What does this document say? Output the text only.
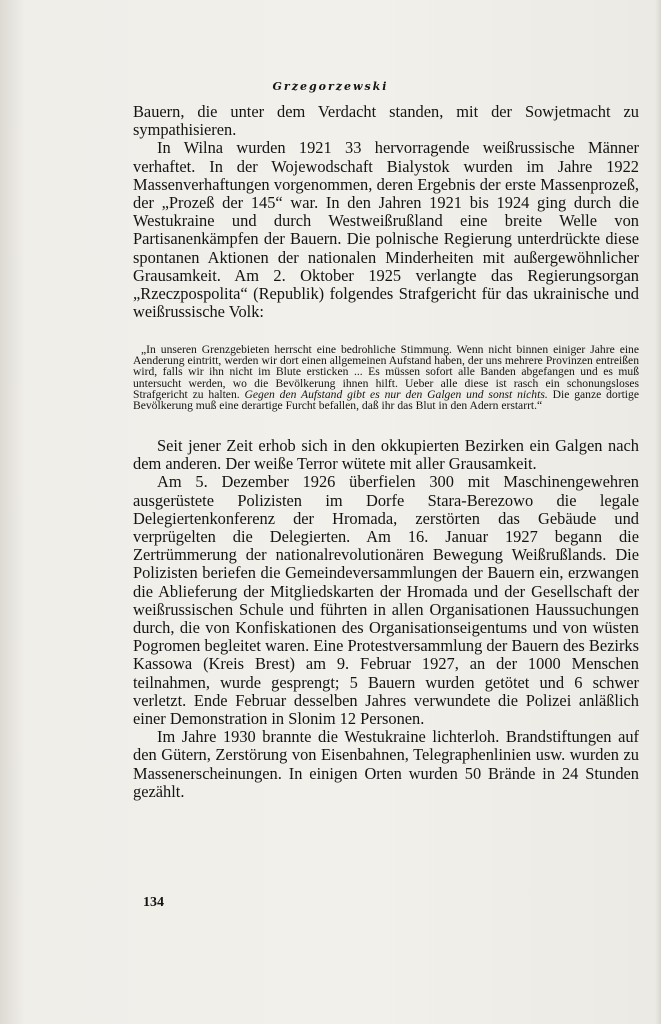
Grzegorzewski

Bauern, die unter dem Verdacht standen, mit der Sowjetmacht zu sympathisieren.

In Wilna wurden 1921 33 hervorragende weißrussische Männer verhaftet. In der Wojewodschaft Bialystok wurden im Jahre 1922 Massenverhaftungen vorgenommen, deren Ergebnis der erste Massenprozeß, der „Prozeß der 145“ war. In den Jahren 1921 bis 1924 ging durch die Westukraine und durch Westweißrußland eine breite Welle von Partisanenkämpfen der Bauern. Die polnische Regierung unterdrückte diese spontanen Aktionen der nationalen Minderheiten mit außergewöhnlicher Grausamkeit. Am 2. Oktober 1925 verlangte das Regierungsorgan „Rzeczpospolita“ (Republik) folgendes Strafgericht für das ukrainische und weißrussische Volk:

„In unseren Grenzgebieten herrscht eine bedrohliche Stimmung. Wenn nicht binnen einiger Jahre eine Aenderung eintritt, werden wir dort einen allgemeinen Aufstand haben, der uns mehrere Provinzen entreißen wird, falls wir ihn nicht im Blute ersticken ... Es müssen sofort alle Banden abgefangen und es muß untersucht werden, wo die Bevölkerung ihnen hilft. Ueber alle diese ist rasch ein schonungsloses Strafgericht zu halten. Gegen den Aufstand gibt es nur den Galgen und sonst nichts. Die ganze dortige Bevölkerung muß eine derartige Furcht befallen, daß ihr das Blut in den Adern erstarrt.“

Seit jener Zeit erhob sich in den okkupierten Bezirken ein Galgen nach dem anderen. Der weiße Terror wütete mit aller Grausamkeit.

Am 5. Dezember 1926 überfielen 300 mit Maschinengewehren ausgerüstete Polizisten im Dorfe Stara-Berezowo die legale Delegiertenkonferenz der Hromada, zerstörten das Gebäude und verprügelten die Delegierten. Am 16. Januar 1927 begann die Zertrümmerung der nationalrevolutionären Bewegung Weißrußlands. Die Polizisten beriefen die Gemeindeversammlungen der Bauern ein, erzwangen die Ablieferung der Mitgliedskarten der Hromada und der Gesellschaft der weißrussischen Schule und führten in allen Organisationen Haussuchungen durch, die von Konfiskationen des Organisationseigentums und von wüsten Pogromen begleitet waren. Eine Protestversammlung der Bauern des Bezirks Kassowa (Kreis Brest) am 9. Februar 1927, an der 1000 Menschen teilnahmen, wurde gesprengt; 5 Bauern wurden getötet und 6 schwer verletzt. Ende Februar desselben Jahres verwundete die Polizei anläßlich einer Demonstration in Slonim 12 Personen.

Im Jahre 1930 brannte die Westukraine lichterloh. Brandstiftungen auf den Gütern, Zerstörung von Eisenbahnen, Telegraphenlinien usw. wurden zu Massenerscheinungen. In einigen Orten wurden 50 Brände in 24 Stunden gezählt.

134
